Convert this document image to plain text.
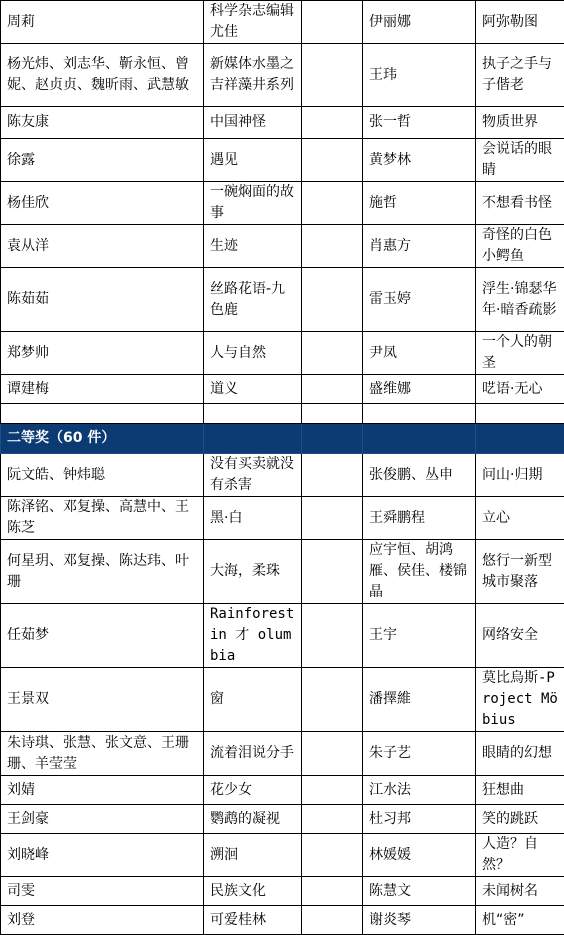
周莉	科学杂志编辑尤佳		伊丽娜	阿弥勒图
杨光炜、刘志华、靳永恒、曾妮、赵贞贞、魏昕雨、武慧敏	新媒体水墨之吉祥藻井系列		王玮	执子之手与子偕老
陈友康	中国神怪		张一哲	物质世界
徐露	遇见		黄梦林	会说话的眼睛
杨佳欣	一碗焖面的故事		施哲	不想看书怪
袁从洋	生迹		肖惠方	奇怪的白色小鳄鱼
陈茹茹	丝路花语-九色鹿		雷玉婷	浮生·锦瑟华年·暗香疏影
郑梦帅	人与自然		尹凤	一个人的朝圣
谭建梅	道义		盛维娜	呓语·无心

二等奖（60 件）				
阮文皓、钟炜聪	没有买卖就没有杀害		张俊鹏、丛申	问山·归期
陈泽铭、邓复操、高慧中、王陈芝	黑·白		王舜鹏程	立心
何星玥、邓复操、陈达玮、叶珊	大海，柔珠		应宇恒、胡鸿雁、侯佳、楼锦晶	悠行一新型城市聚落
任茹梦	Rainforest in 才 olumbia		王宇	网络安全
王景双	窗		潘擇維	莫比烏斯-Project Möbius
朱诗琪、张慧、张文意、王珊珊、羊莹莹	流着泪说分手		朱子艺	眼睛的幻想
刘婧	花少女		江水法	狂想曲
王剑豪	鹦鹉的凝视		杜习邦	笑的跳跃
刘晓峰	溯洄		林媛媛	人造？自然？
司雯	民族文化		陈慧文	未闻树名
刘登	可爱桂林		谢炎琴	机“密”
